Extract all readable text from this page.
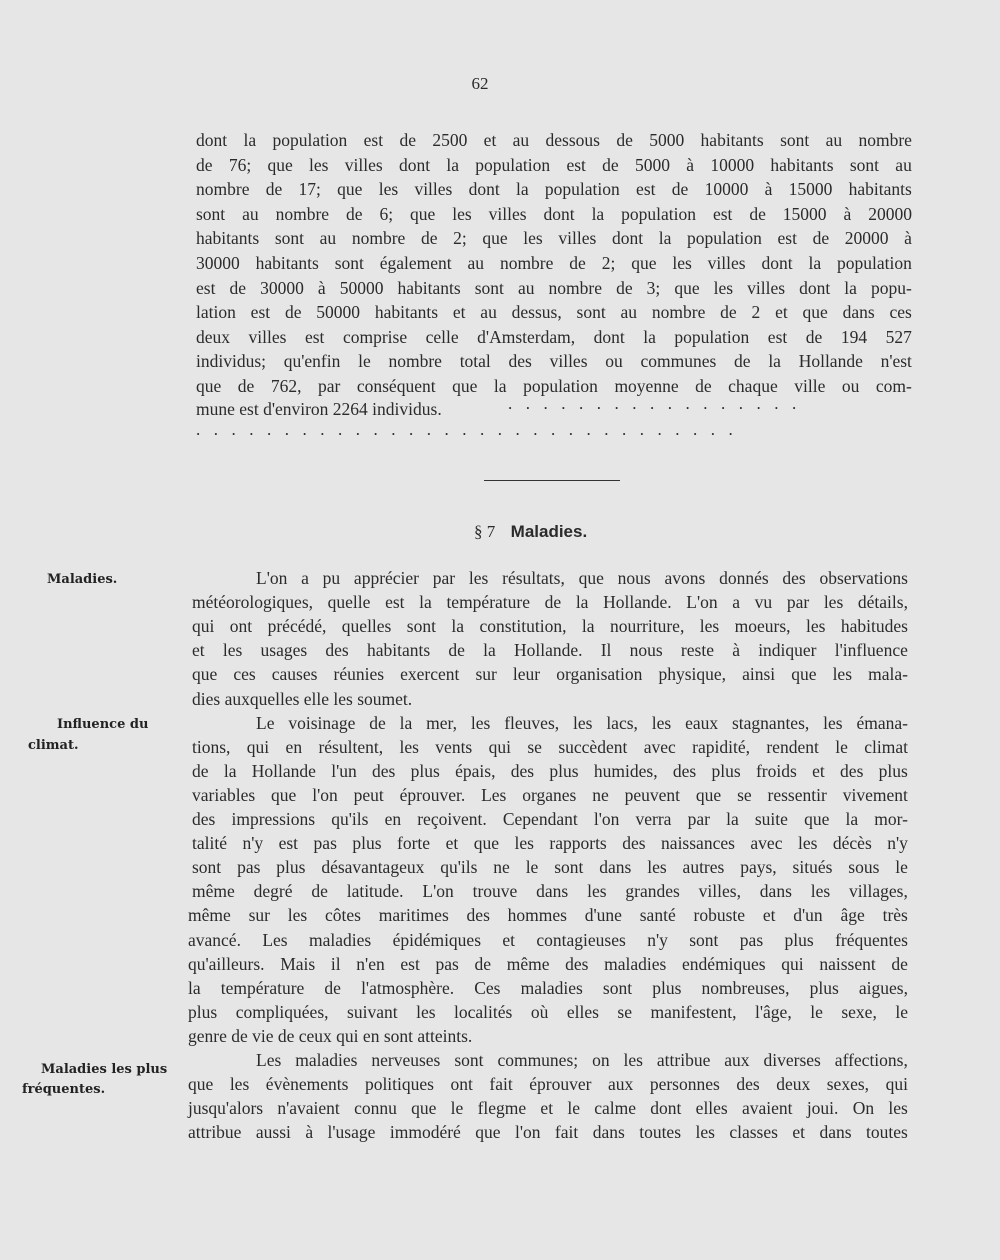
62
dont la population est de 2500 et au dessous de 5000 habitants sont au nombre
de 76; que les villes dont la population est de 5000 à 10000 habitants sont au
nombre de 17; que les villes dont la population est de 10000 à 15000 habitants
sont au nombre de 6; que les villes dont la population est de 15000 à 20000
habitants sont au nombre de 2; que les villes dont la population est de 20000 à
30000 habitants sont également au nombre de 2; que les villes dont la population
est de 30000 à 50000 habitants sont au nombre de 3; que les villes dont la popu-
lation est de 50000 habitants et au dessus, sont au nombre de 2 et que dans ces
deux villes est comprise celle d'Amsterdam, dont la population est de 194 527
individus; qu'enfin le nombre total des villes ou communes de la Hollande n'est
que de 762, par conséquent que la population moyenne de chaque ville ou com-
mune est d'environ 2264 individus.	.................
...............................
§ 7 Maladies.
Maladies.
Influence du
climat.
Maladies les plus
fréquentes.
L'on a pu apprécier par les résultats, que nous avons donnés des observations
météorologiques, quelle est la température de la Hollande. L'on a vu par les détails,
qui ont précédé, quelles sont la constitution, la nourriture, les moeurs, les habitudes
et les usages des habitants de la Hollande. Il nous reste à indiquer l'influence
que ces causes réunies exercent sur leur organisation physique, ainsi que les mala-
dies auxquelles elle les soumet.
Le voisinage de la mer, les fleuves, les lacs, les eaux stagnantes, les émana-
tions, qui en résultent, les vents qui se succèdent avec rapidité, rendent le climat
de la Hollande l'un des plus épais, des plus humides, des plus froids et des plus
variables que l'on peut éprouver. Les organes ne peuvent que se ressentir vivement
des impressions qu'ils en reçoivent. Cependant l'on verra par la suite que la mor-
talité n'y est pas plus forte et que les rapports des naissances avec les décès n'y
sont pas plus désavantageux qu'ils ne le sont dans les autres pays, situés sous le
même degré de latitude. L'on trouve dans les grandes villes, dans les villages,
même sur les côtes maritimes des hommes d'une santé robuste et d'un âge très
avancé. Les maladies épidémiques et contagieuses n'y sont pas plus fréquentes
qu'ailleurs. Mais il n'en est pas de même des maladies endémiques qui naissent de
la température de l'atmosphère. Ces maladies sont plus nombreuses, plus aigues,
plus compliquées, suivant les localités où elles se manifestent, l'âge, le sexe, le
genre de vie de ceux qui en sont atteints.
Les maladies nerveuses sont communes; on les attribue aux diverses affections,
que les évènements politiques ont fait éprouver aux personnes des deux sexes, qui
jusqu'alors n'avaient connu que le flegme et le calme dont elles avaient joui. On les
attribue aussi à l'usage immodéré que l'on fait dans toutes les classes et dans toutes
